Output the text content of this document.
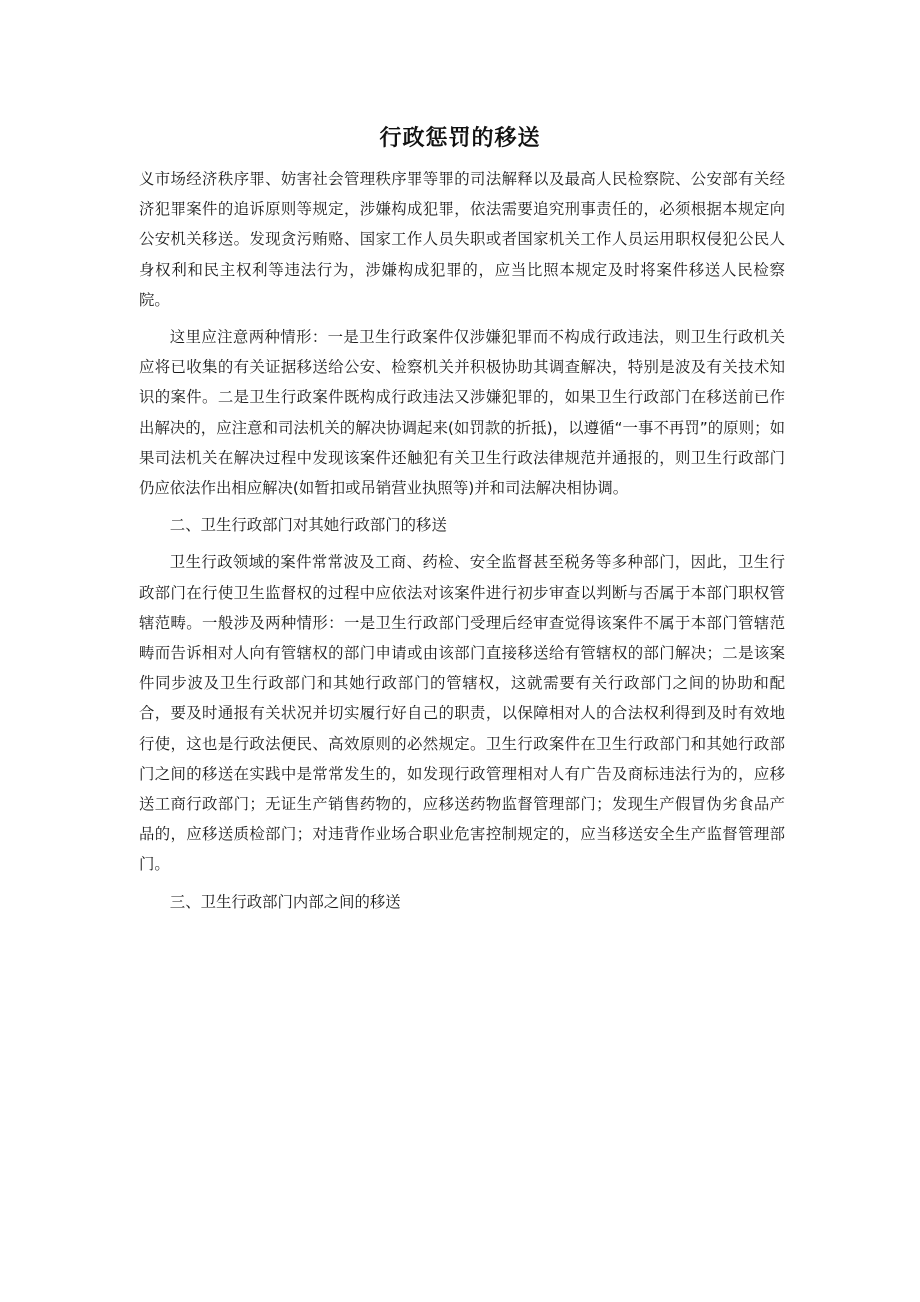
行政惩罚的移送

义市场经济秩序罪、妨害社会管理秩序罪等罪的司法解释以及最高人民检察院、公安部有关经济犯罪案件的追诉原则等规定，涉嫌构成犯罪，依法需要追究刑事责任的，必须根据本规定向公安机关移送。发现贪污贿赂、国家工作人员失职或者国家机关工作人员运用职权侵犯公民人身权利和民主权利等违法行为，涉嫌构成犯罪的，应当比照本规定及时将案件移送人民检察院。

这里应注意两种情形：一是卫生行政案件仅涉嫌犯罪而不构成行政违法，则卫生行政机关应将已收集的有关证据移送给公安、检察机关并积极协助其调查解决，特别是波及有关技术知识的案件。二是卫生行政案件既构成行政违法又涉嫌犯罪的，如果卫生行政部门在移送前已作出解决的，应注意和司法机关的解决协调起来(如罚款的折抵)，以遵循“一事不再罚”的原则；如果司法机关在解决过程中发现该案件还触犯有关卫生行政法律规范并通报的，则卫生行政部门仍应依法作出相应解决(如暂扣或吊销营业执照等)并和司法解决相协调。

二、卫生行政部门对其她行政部门的移送

卫生行政领域的案件常常波及工商、药检、安全监督甚至税务等多种部门，因此，卫生行政部门在行使卫生监督权的过程中应依法对该案件进行初步审查以判断与否属于本部门职权管辖范畴。一般涉及两种情形：一是卫生行政部门受理后经审查觉得该案件不属于本部门管辖范畴而告诉相对人向有管辖权的部门申请或由该部门直接移送给有管辖权的部门解决；二是该案件同步波及卫生行政部门和其她行政部门的管辖权，这就需要有关行政部门之间的协助和配合，要及时通报有关状况并切实履行好自己的职责，以保障相对人的合法权利得到及时有效地行使，这也是行政法便民、高效原则的必然规定。卫生行政案件在卫生行政部门和其她行政部门之间的移送在实践中是常常发生的，如发现行政管理相对人有广告及商标违法行为的，应移送工商行政部门；无证生产销售药物的，应移送药物监督管理部门；发现生产假冒伪劣食品产品的，应移送质检部门；对违背作业场合职业危害控制规定的，应当移送安全生产监督管理部门。

三、卫生行政部门内部之间的移送
